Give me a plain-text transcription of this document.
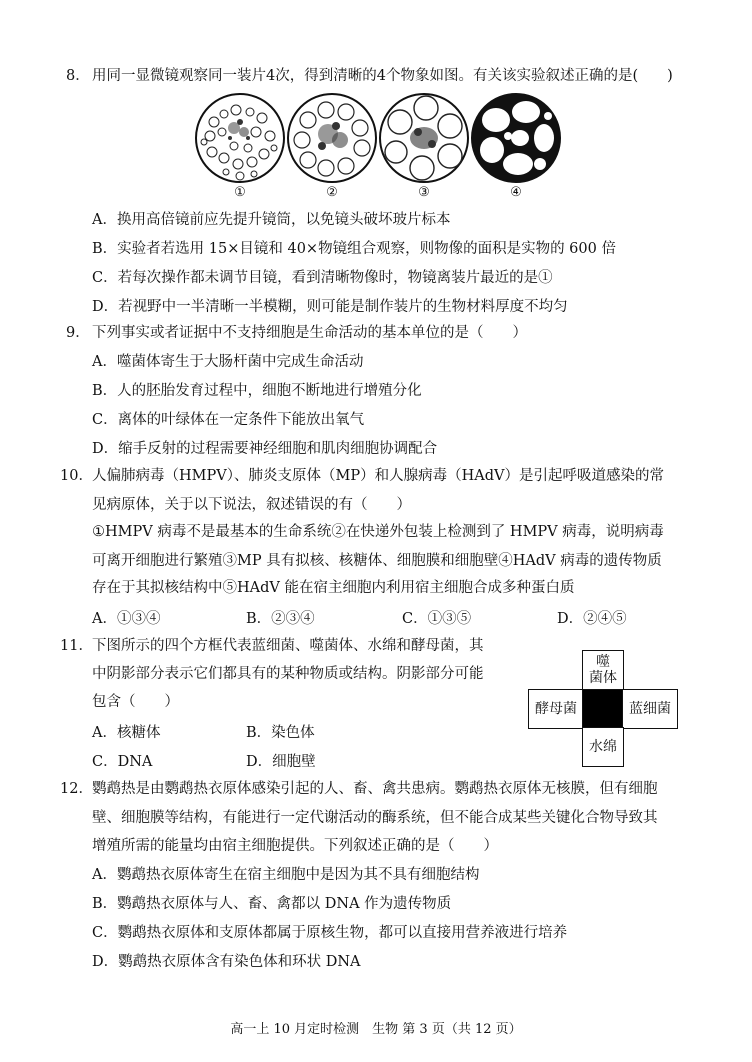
8． 用同一显微镜观察同一装片4次，得到清晰的4个物象如图。有关该实验叙述正确的是(　　)
①	②	③	④
A．换用高倍镜前应先提升镜筒，以免镜头破坏玻片标本
B．实验者若选用 15×目镜和 40×物镜组合观察，则物像的面积是实物的 600 倍
C．若每次操作都未调节目镜，看到清晰物像时，物镜离装片最近的是①
D．若视野中一半清晰一半模糊，则可能是制作装片的生物材料厚度不均匀
9． 下列事实或者证据中不支持细胞是生命活动的基本单位的是（　　）
A．噬菌体寄生于大肠杆菌中完成生命活动
B．人的胚胎发育过程中，细胞不断地进行增殖分化
C．离体的叶绿体在一定条件下能放出氧气
D．缩手反射的过程需要神经细胞和肌肉细胞协调配合
10． 人偏肺病毒（HMPV）、肺炎支原体（MP）和人腺病毒（HAdV）是引起呼吸道感染的常
见病原体，关于以下说法，叙述错误的有（　　）
①HMPV 病毒不是最基本的生命系统②在快递外包装上检测到了 HMPV 病毒，说明病毒
可离开细胞进行繁殖③MP 具有拟核、核糖体、细胞膜和细胞壁④HAdV 病毒的遗传物质
存在于其拟核结构中⑤HAdV 能在宿主细胞内利用宿主细胞合成多种蛋白质
A．①③④	B．②③④	C．①③⑤	D．②④⑤
11． 下图所示的四个方框代表蓝细菌、噬菌体、水绵和酵母菌，其
中阴影部分表示它们都具有的某种物质或结构。阴影部分可能
包含（　　）
A．核糖体	B．染色体
C．DNA	D．细胞壁
噬
菌体
酵母菌	蓝细菌
水绵
12． 鹦鹉热是由鹦鹉热衣原体感染引起的人、畜、禽共患病。鹦鹉热衣原体无核膜，但有细胞
壁、细胞膜等结构，有能进行一定代谢活动的酶系统，但不能合成某些关键化合物导致其
增殖所需的能量均由宿主细胞提供。下列叙述正确的是（　　）
A．鹦鹉热衣原体寄生在宿主细胞中是因为其不具有细胞结构
B．鹦鹉热衣原体与人、畜、禽都以 DNA 作为遗传物质
C．鹦鹉热衣原体和支原体都属于原核生物，都可以直接用营养液进行培养
D．鹦鹉热衣原体含有染色体和环状 DNA
高一上 10 月定时检测　生物 第 3 页（共 12 页）
